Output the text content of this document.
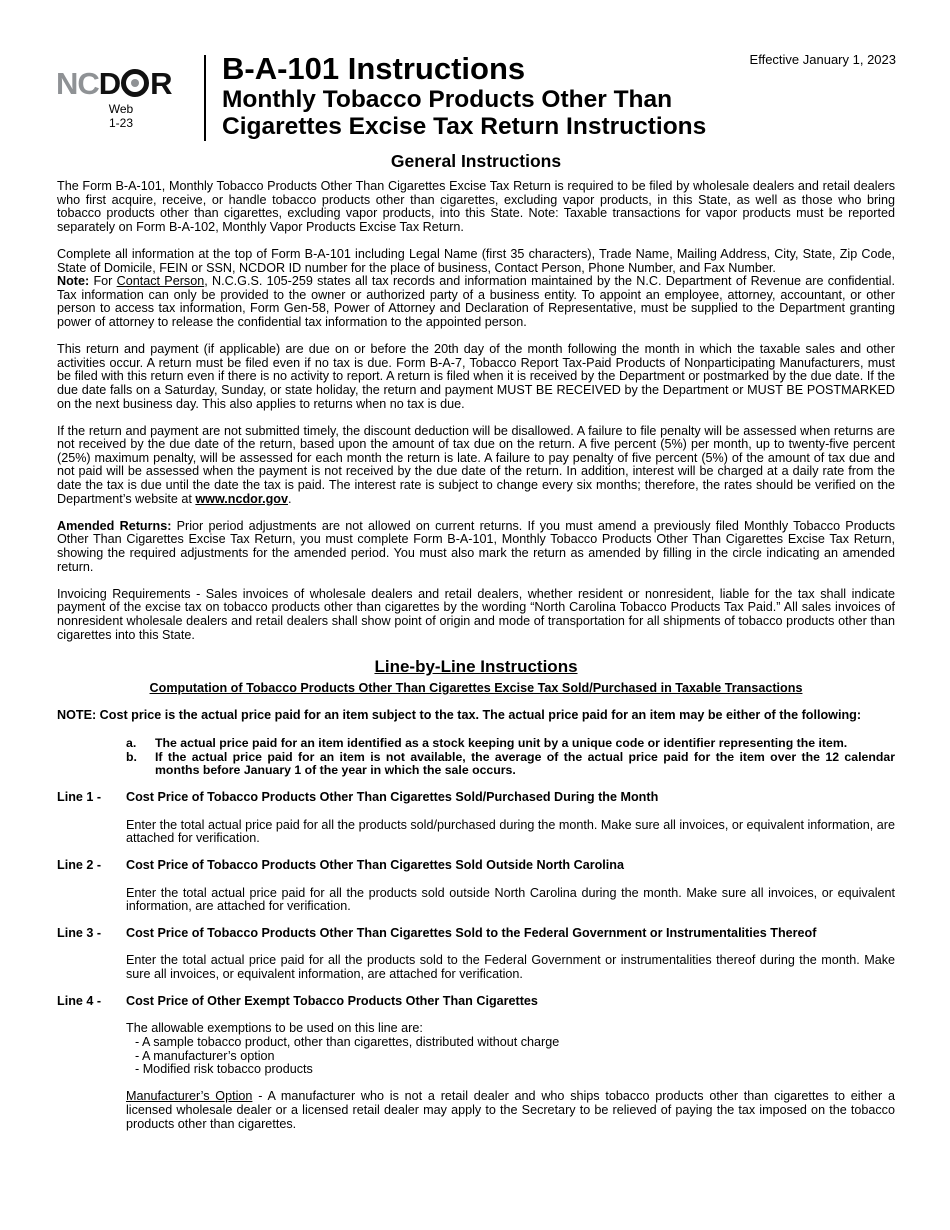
NCD R
Web
1-23
B-A-101 Instructions
Monthly Tobacco Products Other Than
Cigarettes Excise Tax Return Instructions
Effective January 1, 2023
General Instructions

The Form B-A-101, Monthly Tobacco Products Other Than Cigarettes Excise Tax Return is required to be filed by wholesale dealers and retail dealers who first acquire, receive, or handle tobacco products other than cigarettes, excluding vapor products, in this State, as well as those who bring tobacco products other than cigarettes, excluding vapor products, into this State. Note: Taxable transactions for vapor products must be reported separately on Form B-A-102, Monthly Vapor Products Excise Tax Return.

Complete all information at the top of Form B-A-101 including Legal Name (first 35 characters), Trade Name, Mailing Address, City, State, Zip Code, State of Domicile, FEIN or SSN, NCDOR ID number for the place of business, Contact Person, Phone Number, and Fax Number.
Note: For Contact Person, N.C.G.S. 105-259 states all tax records and information maintained by the N.C. Department of Revenue are confidential. Tax information can only be provided to the owner or authorized party of a business entity. To appoint an employee, attorney, accountant, or other person to access tax information, Form Gen-58, Power of Attorney and Declaration of Representative, must be supplied to the Department granting power of attorney to release the confidential tax information to the appointed person.

This return and payment (if applicable) are due on or before the 20th day of the month following the month in which the taxable sales and other activities occur. A return must be filed even if no tax is due. Form B-A-7, Tobacco Report Tax-Paid Products of Nonparticipating Manufacturers, must be filed with this return even if there is no activity to report. A return is filed when it is received by the Department or postmarked by the due date. If the due date falls on a Saturday, Sunday, or state holiday, the return and payment MUST BE RECEIVED by the Department or MUST BE POSTMARKED on the next business day. This also applies to returns when no tax is due.

If the return and payment are not submitted timely, the discount deduction will be disallowed. A failure to file penalty will be assessed when returns are not received by the due date of the return, based upon the amount of tax due on the return. A five percent (5%) per month, up to twenty-five percent (25%) maximum penalty, will be assessed for each month the return is late. A failure to pay penalty of five percent (5%) of the amount of tax due and not paid will be assessed when the payment is not received by the due date of the return. In addition, interest will be charged at a daily rate from the date the tax is due until the date the tax is paid. The interest rate is subject to change every six months; therefore, the rates should be verified on the Department’s website at www.ncdor.gov.

Amended Returns: Prior period adjustments are not allowed on current returns. If you must amend a previously filed Monthly Tobacco Products Other Than Cigarettes Excise Tax Return, you must complete Form B-A-101, Monthly Tobacco Products Other Than Cigarettes Excise Tax Return, showing the required adjustments for the amended period. You must also mark the return as amended by filling in the circle indicating an amended return.

Invoicing Requirements - Sales invoices of wholesale dealers and retail dealers, whether resident or nonresident, liable for the tax shall indicate payment of the excise tax on tobacco products other than cigarettes by the wording “North Carolina Tobacco Products Tax Paid.” All sales invoices of nonresident wholesale dealers and retail dealers shall show point of origin and mode of transportation for all shipments of tobacco products other than cigarettes into this State.

Line-by-Line Instructions
Computation of Tobacco Products Other Than Cigarettes Excise Tax Sold/Purchased in Taxable Transactions
NOTE: Cost price is the actual price paid for an item subject to the tax. The actual price paid for an item may be either of the following:
a. The actual price paid for an item identified as a stock keeping unit by a unique code or identifier representing the item.
b. If the actual price paid for an item is not available, the average of the actual price paid for the item over the 12 calendar months before January 1 of the year in which the sale occurs.
Line 1 - Cost Price of Tobacco Products Other Than Cigarettes Sold/Purchased During the Month
Enter the total actual price paid for all the products sold/purchased during the month. Make sure all invoices, or equivalent information, are attached for verification.
Line 2 - Cost Price of Tobacco Products Other Than Cigarettes Sold Outside North Carolina
Enter the total actual price paid for all the products sold outside North Carolina during the month. Make sure all invoices, or equivalent information, are attached for verification.
Line 3 - Cost Price of Tobacco Products Other Than Cigarettes Sold to the Federal Government or Instrumentalities Thereof
Enter the total actual price paid for all the products sold to the Federal Government or instrumentalities thereof during the month. Make sure all invoices, or equivalent information, are attached for verification.
Line 4 - Cost Price of Other Exempt Tobacco Products Other Than Cigarettes
The allowable exemptions to be used on this line are:
- A sample tobacco product, other than cigarettes, distributed without charge
- A manufacturer’s option
- Modified risk tobacco products
Manufacturer’s Option - A manufacturer who is not a retail dealer and who ships tobacco products other than cigarettes to either a licensed wholesale dealer or a licensed retail dealer may apply to the Secretary to be relieved of paying the tax imposed on the tobacco products other than cigarettes.
